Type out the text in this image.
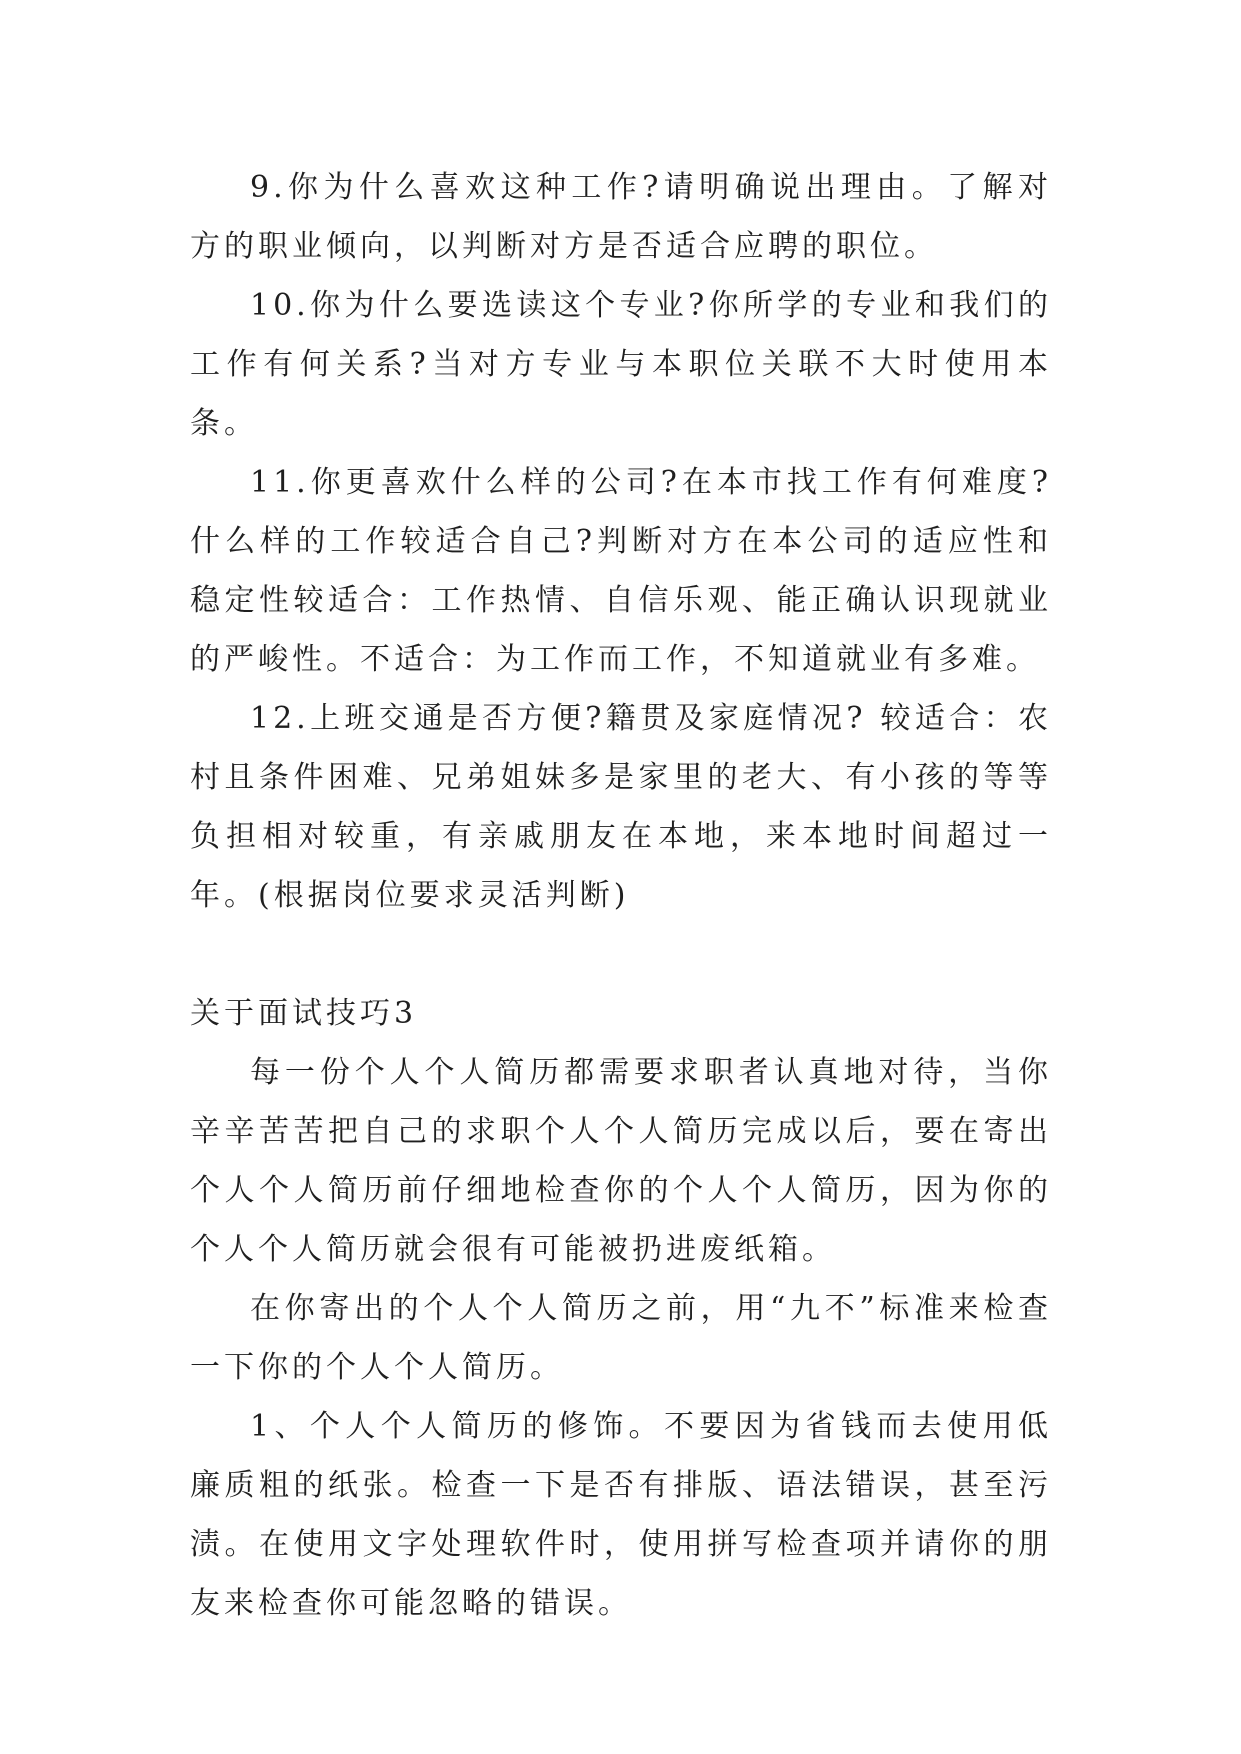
9.你为什么喜欢这种工作?请明确说出理由。了解对方的职业倾向，以判断对方是否适合应聘的职位。

10.你为什么要选读这个专业?你所学的专业和我们的工作有何关系?当对方专业与本职位关联不大时使用本条。

11.你更喜欢什么样的公司?在本市找工作有何难度?什么样的工作较适合自己?判断对方在本公司的适应性和稳定性较适合：工作热情、自信乐观、能正确认识现就业的严峻性。不适合：为工作而工作，不知道就业有多难。

12.上班交通是否方便?籍贯及家庭情况? 较适合：农村且条件困难、兄弟姐妹多是家里的老大、有小孩的等等负担相对较重，有亲戚朋友在本地，来本地时间超过一年。(根据岗位要求灵活判断)

关于面试技巧3

每一份个人个人简历都需要求职者认真地对待，当你辛辛苦苦把自己的求职个人个人简历完成以后，要在寄出个人个人简历前仔细地检查你的个人个人简历，因为你的个人个人简历就会很有可能被扔进废纸箱。

在你寄出的个人个人简历之前，用“九不”标准来检查一下你的个人个人简历。

1、个人个人简历的修饰。不要因为省钱而去使用低廉质粗的纸张。检查一下是否有排版、语法错误，甚至污渍。在使用文字处理软件时，使用拼写检查项并请你的朋友来检查你可能忽略的错误。
